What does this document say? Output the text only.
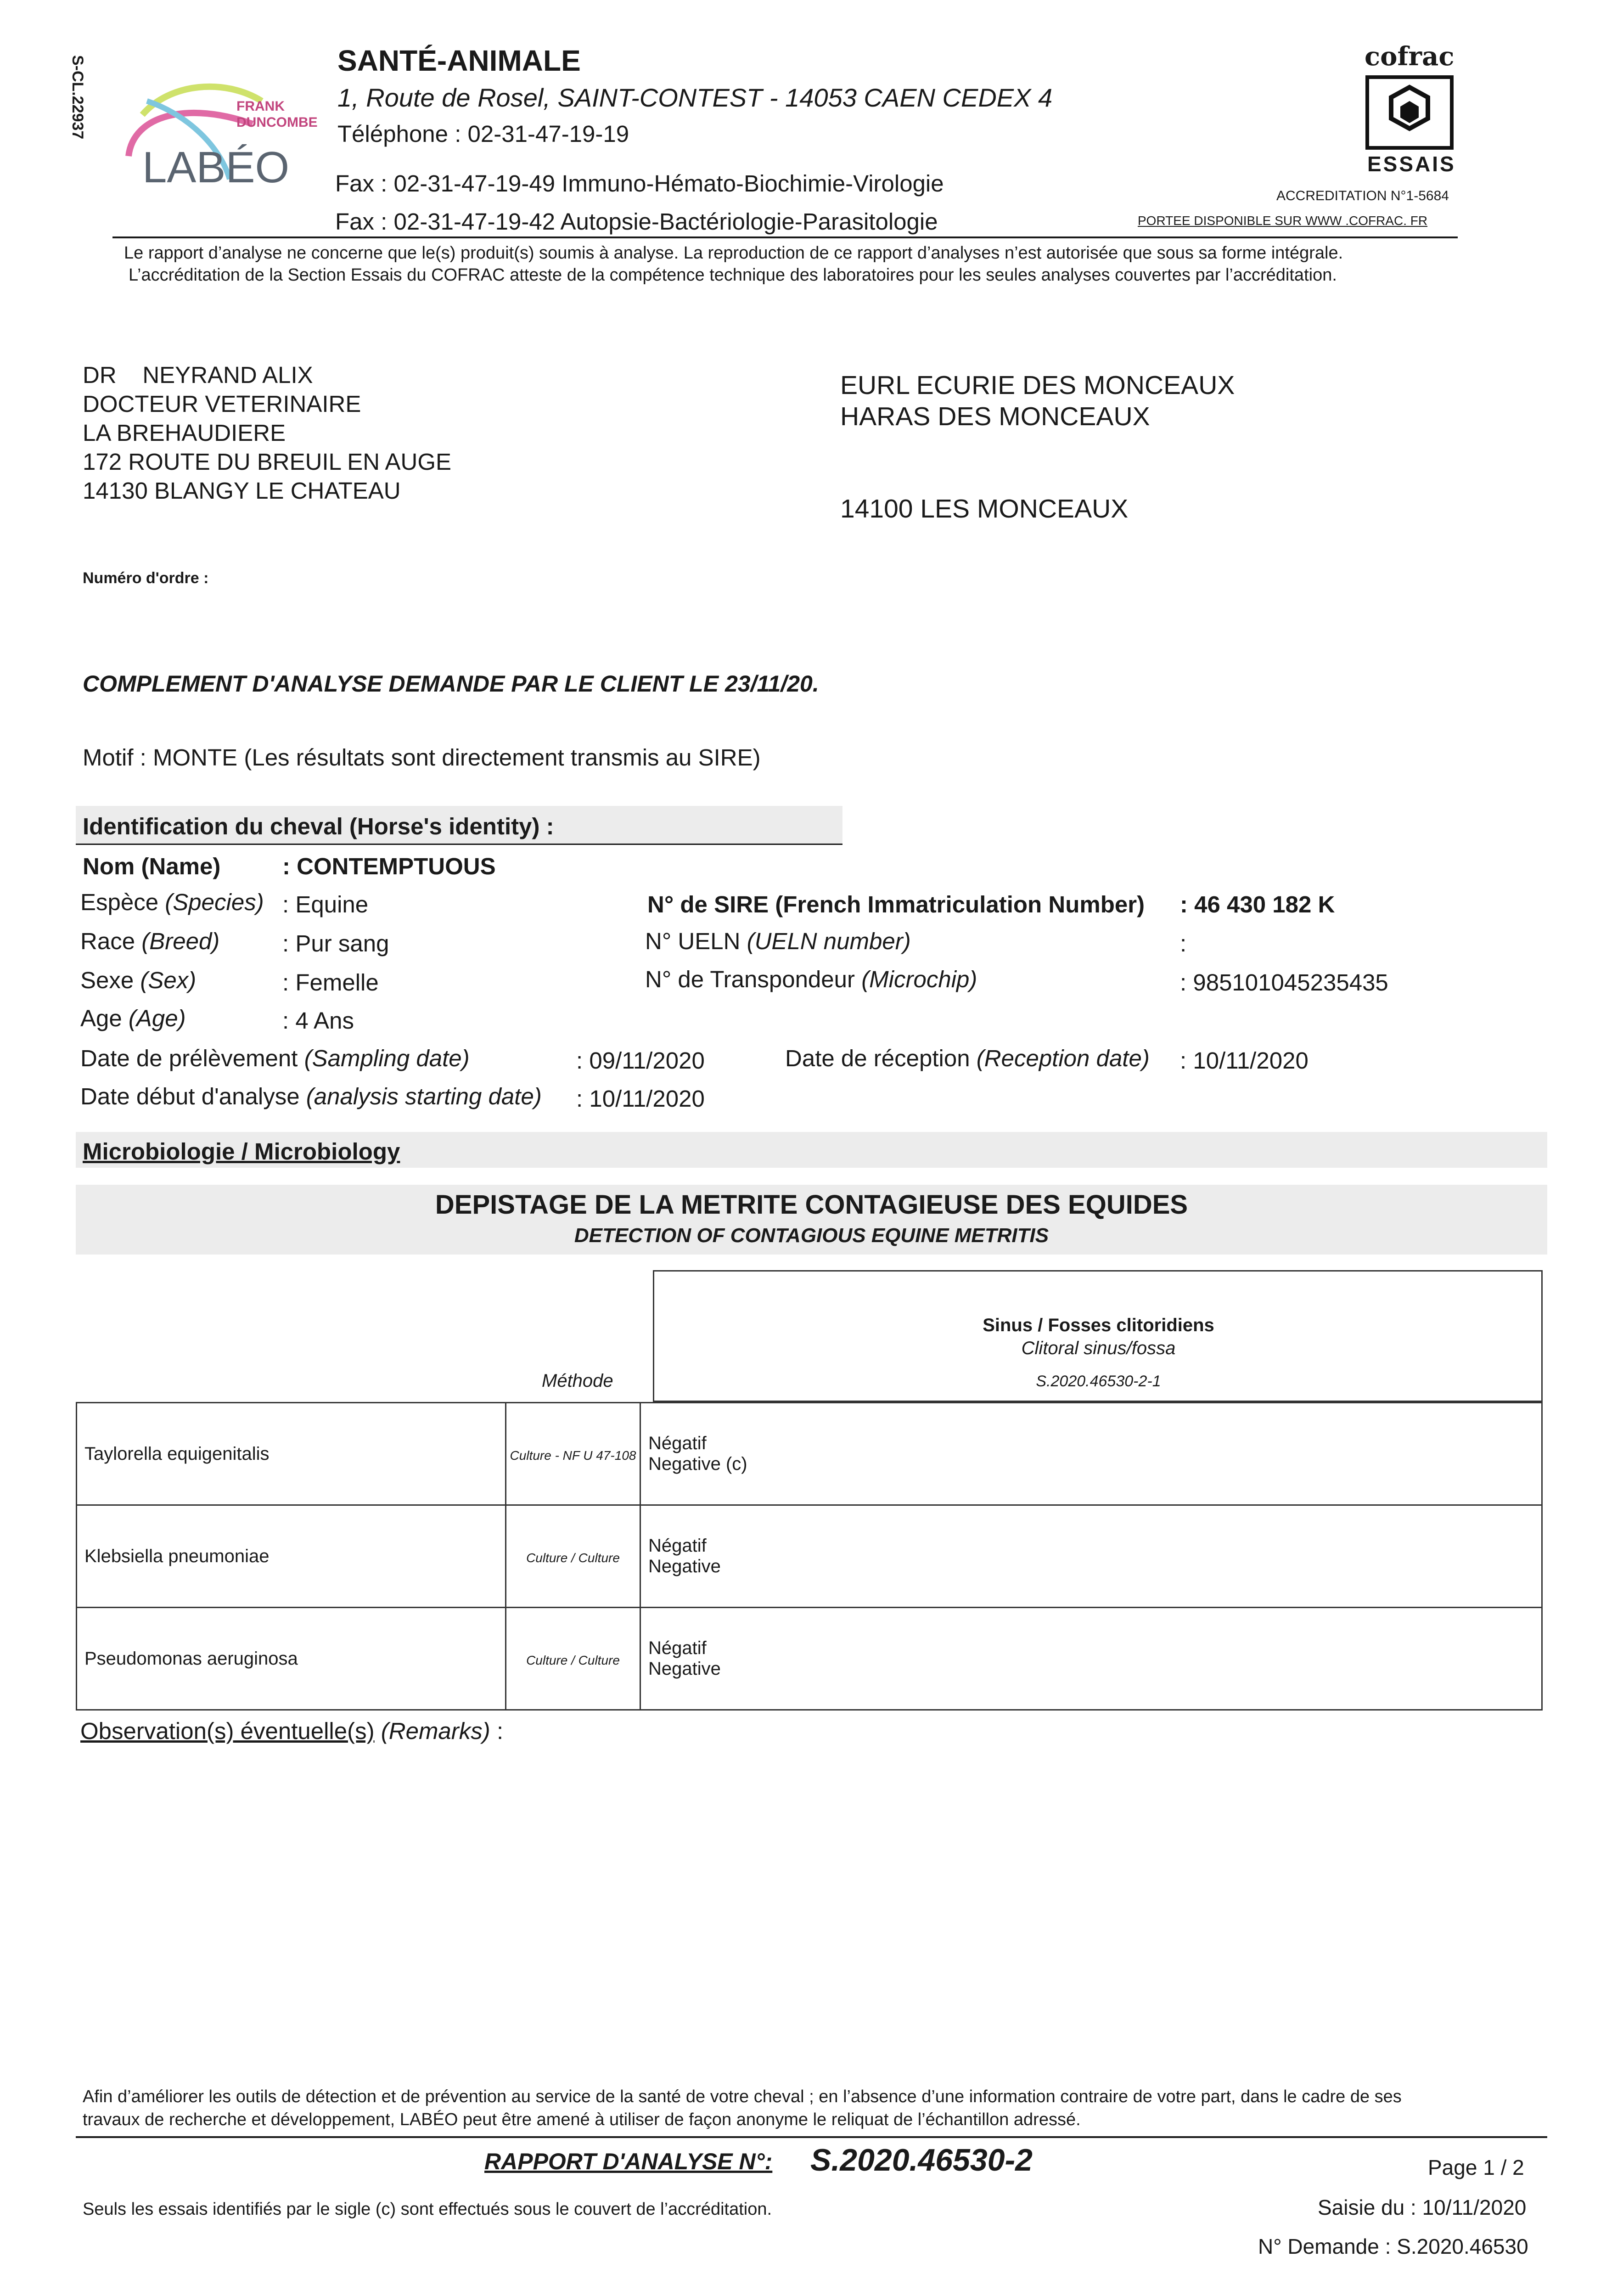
S-CL.22937	FRANK
DUNCOMBE
LABÉO
SANTÉ-ANIMALE
1, Route de Rosel, SAINT-CONTEST - 14053 CAEN CEDEX 4
Téléphone : 02-31-47-19-19
Fax : 02-31-47-19-49 Immuno-Hémato-Biochimie-Virologie
Fax : 02-31-47-19-42 Autopsie-Bactériologie-Parasitologie
cofrac
ESSAIS
ACCREDITATION N°1-5684
PORTEE DISPONIBLE SUR WWW .COFRAC. FR
Le rapport d’analyse ne concerne que le(s) produit(s) soumis à analyse. La reproduction de ce rapport d’analyses n’est autorisée que sous sa forme intégrale.
L’accréditation de la Section Essais du COFRAC atteste de la compétence technique des laboratoires pour les seules analyses couvertes par l’accréditation.
DR    NEYRAND ALIX
DOCTEUR VETERINAIRE
LA BREHAUDIERE
172 ROUTE DU BREUIL EN AUGE
14130 BLANGY LE CHATEAU
EURL ECURIE DES MONCEAUX
HARAS DES MONCEAUX
14100 LES MONCEAUX
Numéro d'ordre :
COMPLEMENT D'ANALYSE DEMANDE PAR LE CLIENT LE 23/11/20.
Motif : MONTE (Les résultats sont directement transmis au SIRE)
Identification du cheval (Horse's identity) :
Nom (Name)	: CONTEMPTUOUS
Espèce (Species) : Equine
Race (Breed)	: Pur sang
Sexe (Sex)	: Femelle
Age (Age)	: 4 Ans
N° de SIRE (French Immatriculation Number) : 46 430 182 K
N° UELN (UELN number)	:
N° de Transpondeur (Microchip)	: 985101045235435
Date de prélèvement (Sampling date)	: 09/11/2020	Date de réception (Reception date) : 10/11/2020
Date début d'analyse (analysis starting date) : 10/11/2020
Microbiologie / Microbiology
DEPISTAGE DE LA METRITE CONTAGIEUSE DES EQUIDES
DETECTION OF CONTAGIOUS EQUINE METRITIS
Sinus / Fosses clitoridiens
Clitoral sinus/fossa
S.2020.46530-2-1
Méthode
Taylorella equigenitalis	Culture - NF U 47-108	Négatif
Negative (c)

Klebsiella pneumoniae	Culture / Culture	Négatif
Negative

Pseudomonas aeruginosa	Culture / Culture	Négatif
Negative
Observation(s) éventuelle(s) (Remarks) :
Afin d’améliorer les outils de détection et de prévention au service de la santé de votre cheval ; en l’absence d’une information contraire de votre part, dans le cadre de ses
travaux de recherche et développement, LABÉO peut être amené à utiliser de façon anonyme le reliquat de l’échantillon adressé.
RAPPORT D'ANALYSE N°: S.2020.46530-2	Page 1 / 2
Saisie du : 10/11/2020
Seuls les essais identifiés par le sigle (c) sont effectués sous le couvert de l’accréditation.
N° Demande : S.2020.46530
